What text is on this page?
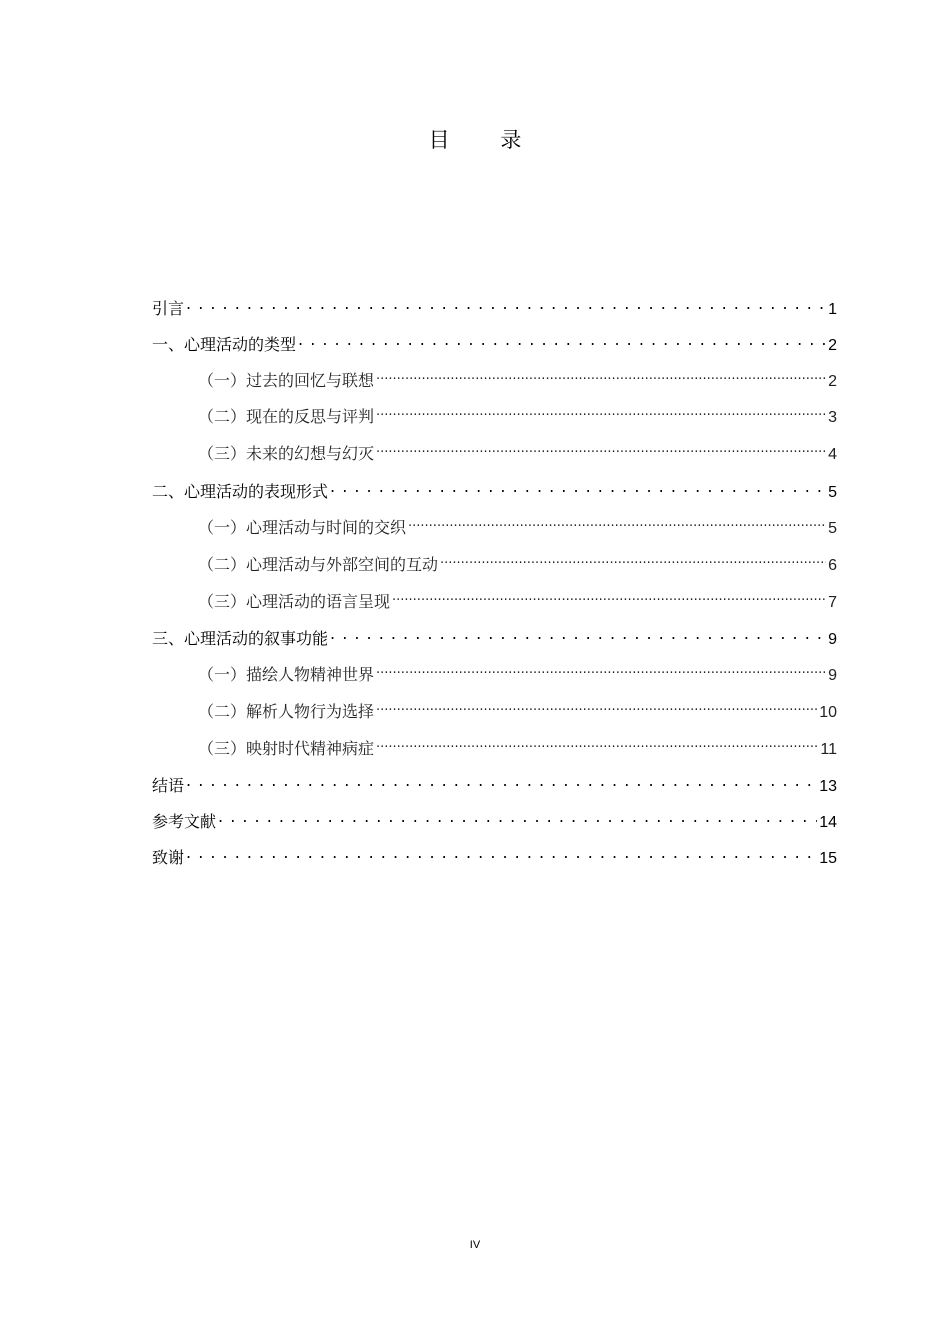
目 录
引言 . . .	1
一、心理活动的类型 . . .	2
（一）过去的回忆与联想 .....	2
（二）现在的反思与评判 .....	3
（三）未来的幻想与幻灭 .....	4
二、心理活动的表现形式 . . .	5
（一）心理活动与时间的交织 .....	5
（二）心理活动与外部空间的互动 .....	6
（三）心理活动的语言呈现 .....	7
三、心理活动的叙事功能 . . .	9
（一）描绘人物精神世界 .....	9
（二）解析人物行为选择 .....	10
（三）映射时代精神病症 .....	11
结语 . . .	13
参考文献 . . .	14
致谢 . . .	15
IV
